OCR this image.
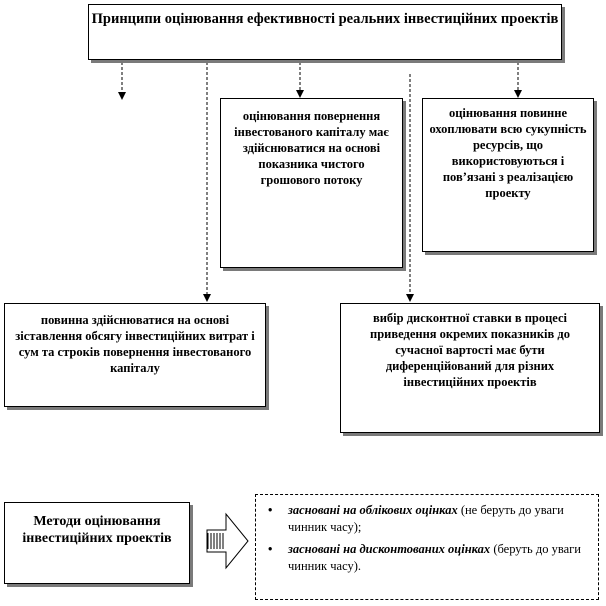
Принципи оцінювання ефективності реальних інвестиційних проектів
оцінювання повернення інвестованого капіталу має здійснюватися на основі показника чистого грошового потоку
оцінювання повинне охоплювати всю сукупність ресурсів, що використовуються і пов’язані з реалізацією проекту
повинна здійснюватися на основі зіставлення обсягу інвестиційних витрат і сум та строків повернення інвестованого капіталу
вибір дисконтної ставки в процесі приведення окремих показників до сучасної вартості має бути диференційований для різних інвестиційних проектів
Методи оцінювання інвестиційних проектів
• засновані на облікових оцінках (не беруть до уваги чинник часу);
• засновані на дисконтованих оцінках (беруть до уваги чинник часу).
